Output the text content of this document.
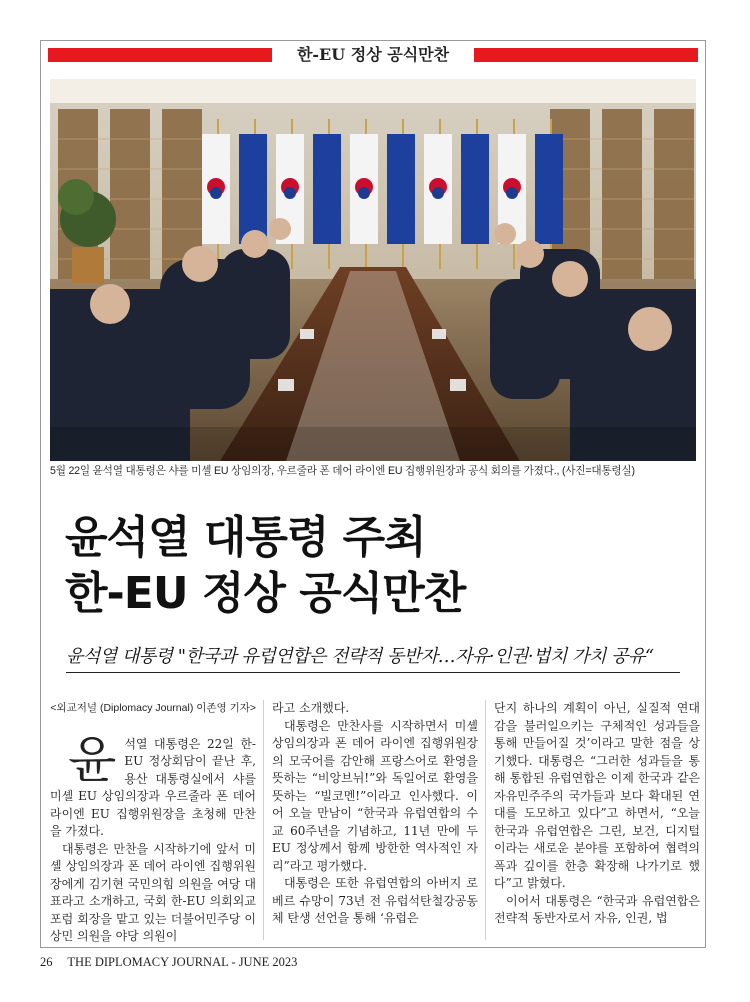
한-EU 정상 공식만찬
5월 22일 윤석열 대통령은 샤를 미셸 EU 상임의장, 우르줄라 폰 데어 라이엔 EU 집행위원장과 공식 회의를 가졌다., (사진=대통령실)
윤석열 대통령 주최
한-EU 정상 공식만찬
윤석열 대통령 "한국과 유럽연합은 전략적 동반자…자유·인권·법치 가치 공유“
<외교저널 (Diplomacy Journal) 이존영 기자>

윤 석열 대통령은 22일 한-EU 정상회담이 끝난 후, 용산 대통령실에서 샤를 미셸 EU 상임의장과 우르줄라 폰 데어 라이엔 EU 집행위원장을 초청해 만찬을 가졌다.

대통령은 만찬을 시작하기에 앞서 미셸 상임의장과 폰 데어 라이엔 집행위원장에게 김기현 국민의힘 의원을 여당 대표라고 소개하고, 국회 한-EU 의회외교포럼 회장을 맡고 있는 더불어민주당 이상민 의원을 야당 의원이

라고 소개했다.

대통령은 만찬사를 시작하면서 미셸 상임의장과 폰 데어 라이엔 집행위원장의 모국어를 감안해 프랑스어로 환영을 뜻하는 “비앙브뉘!”와 독일어로 환영을 뜻하는 “빌코멘!”이라고 인사했다. 이어 오늘 만남이 “한국과 유럽연합의 수교 60주년을 기념하고, 11년 만에 두 EU 정상께서 함께 방한한 역사적인 자리”라고 평가했다.

대통령은 또한 유럽연합의 아버지 로베르 슈망이 73년 전 유럽석탄철강공동체 탄생 선언을 통해 ‘유럽은

단지 하나의 계획이 아닌, 실질적 연대감을 불러일으키는 구체적인 성과들을 통해 만들어질 것’이라고 말한 점을 상기했다. 대통령은 “그러한 성과들을 통해 통합된 유럽연합은 이제 한국과 같은 자유민주주의 국가들과 보다 확대된 연대를 도모하고 있다”고 하면서, “오늘 한국과 유럽연합은 그린, 보건, 디지털이라는 새로운 분야를 포함하여 협력의 폭과 깊이를 한층 확장해 나가기로 했다”고 밝혔다.

이어서 대통령은 “한국과 유럽연합은 전략적 동반자로서 자유, 인권, 법

26 THE DIPLOMACY JOURNAL - JUNE 2023
